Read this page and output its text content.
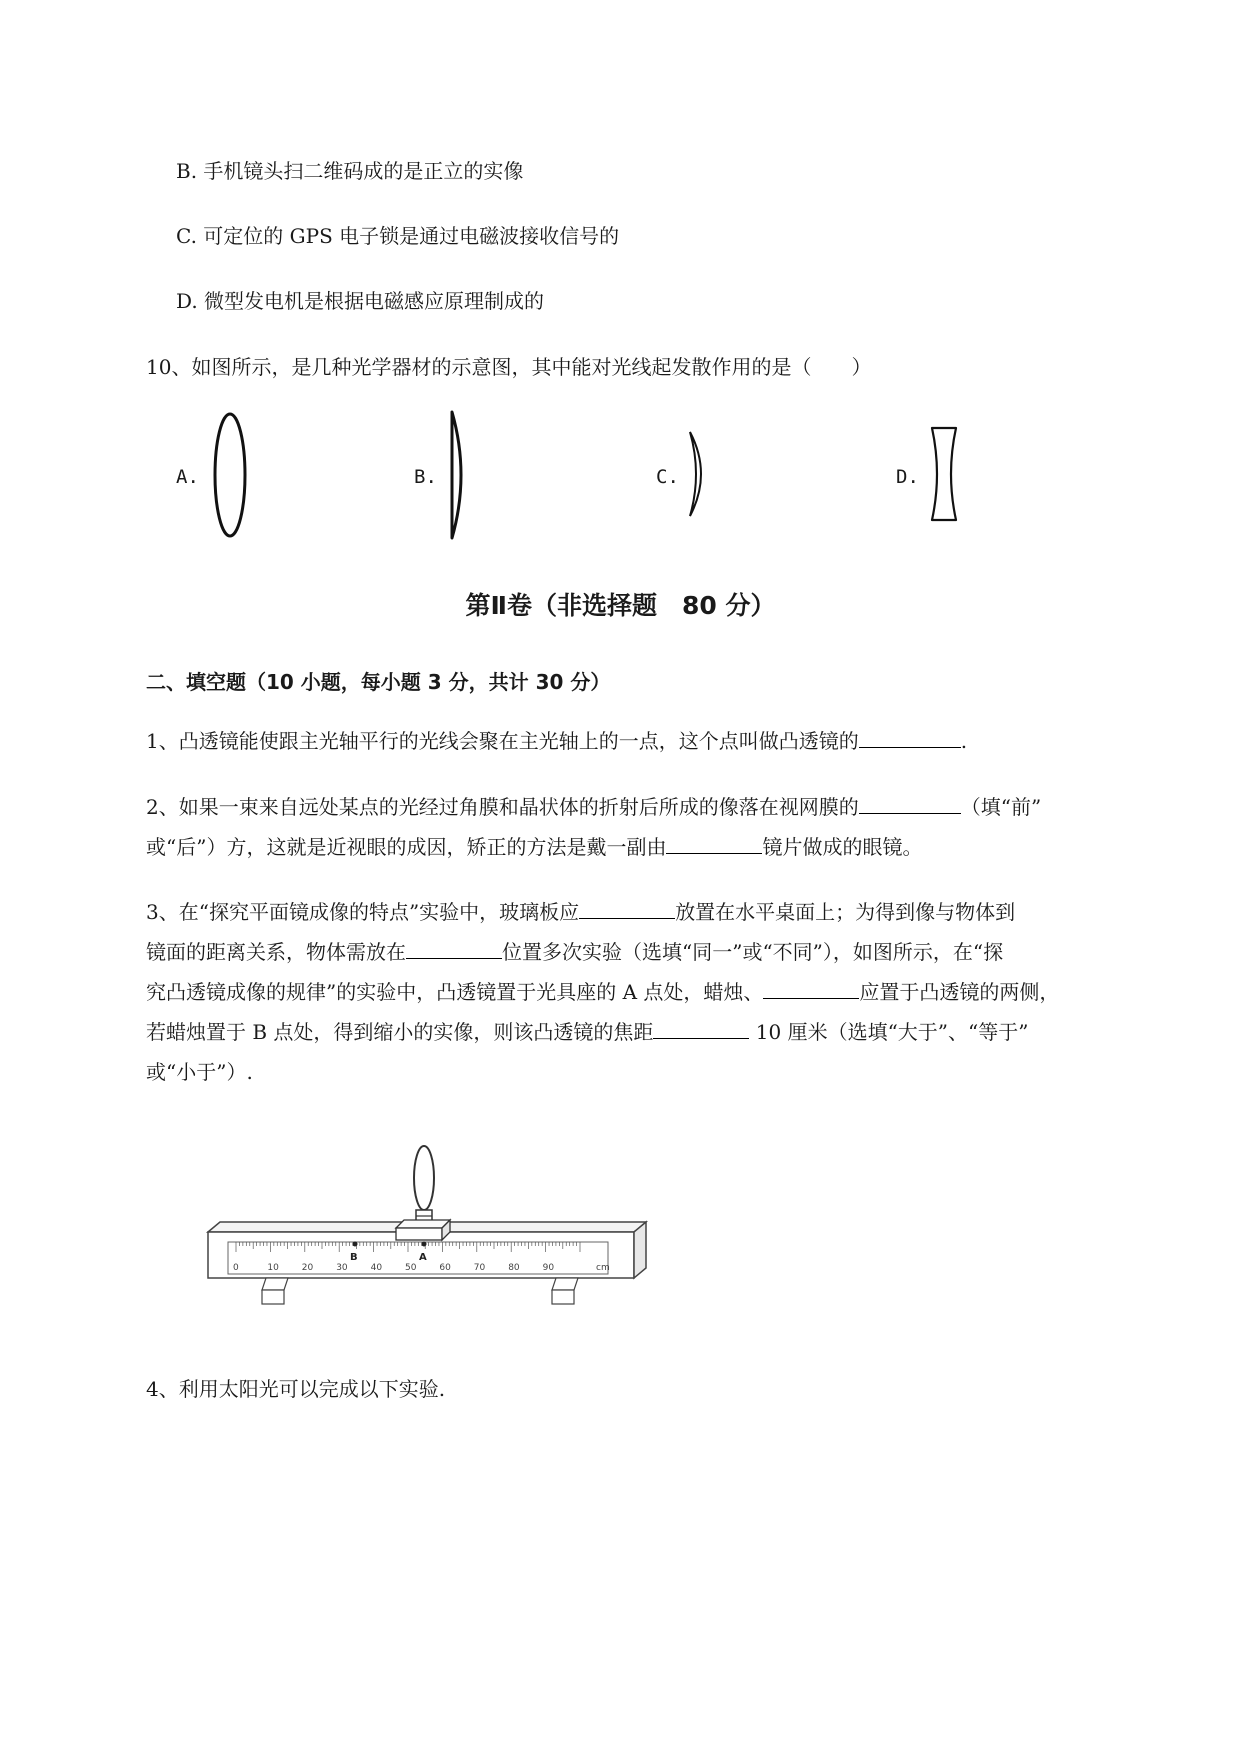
B. 手机镜头扫二维码成的是正立的实像
C. 可定位的 GPS 电子锁是通过电磁波接收信号的
D. 微型发电机是根据电磁感应原理制成的
10、如图所示，是几种光学器材的示意图，其中能对光线起发散作用的是（　　）
A.	B.	C.	D.
第Ⅱ卷（非选择题　80 分）
二、填空题（10 小题，每小题 3 分，共计 30 分）
1、凸透镜能使跟主光轴平行的光线会聚在主光轴上的一点，这个点叫做凸透镜的	.
2、如果一束来自远处某点的光经过角膜和晶状体的折射后所成的像落在视网膜的	（填“前”
或“后”）方，这就是近视眼的成因，矫正的方法是戴一副由	镜片做成的眼镜。
3、在“探究平面镜成像的特点”实验中，玻璃板应	放置在水平桌面上；为得到像与物体到
镜面的距离关系，物体需放在	位置多次实验（选填“同一”或“不同”），如图所示，在“探
究凸透镜成像的规律”的实验中，凸透镜置于光具座的 A 点处，蜡烛、	应置于凸透镜的两侧，
若蜡烛置于 B 点处，得到缩小的实像，则该凸透镜的焦距	10 厘米（选填“大于”、“等于”
或“小于”）.
0	10	20	30	40	50	60	70	80	90	cm
B	A
4、利用太阳光可以完成以下实验.
